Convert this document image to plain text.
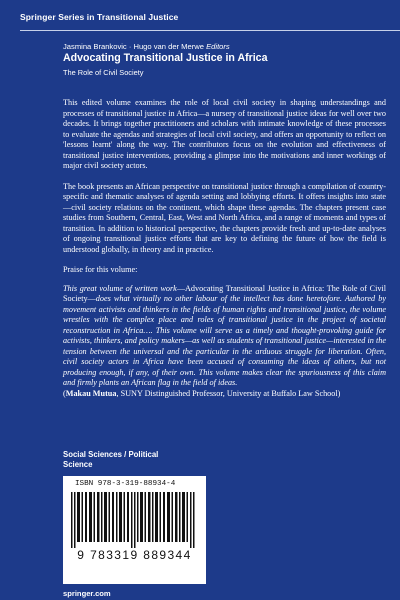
Springer Series in Transitional Justice
Jasmina Brankovic · Hugo van der Merwe Editors
Advocating Transitional Justice in Africa
The Role of Civil Society

This edited volume examines the role of local civil society in shaping understandings and processes of transitional justice in Africa—a nursery of transitional justice ideas for well over two decades. It brings together practitioners and scholars with intimate knowledge of these processes to evaluate the agendas and strategies of local civil society, and offers an opportunity to reflect on 'lessons learnt' along the way. The contributors focus on the evolution and effectiveness of transitional justice interventions, providing a glimpse into the motivations and inner workings of major civil society actors.

The book presents an African perspective on transitional justice through a compilation of country-specific and thematic analyses of agenda setting and lobbying efforts. It offers insights into state—civil society relations on the continent, which shape these agendas. The chapters present case studies from Southern, Central, East, West and North Africa, and a range of moments and types of transition. In addition to historical perspective, the chapters provide fresh and up-to-date analyses of ongoing transitional justice efforts that are key to defining the future of how the field is understood globally, in theory and in practice.

Praise for this volume:

This great volume of written work—Advocating Transitional Justice in Africa: The Role of Civil Society—does what virtually no other labour of the intellect has done heretofore. Authored by movement activists and thinkers in the fields of human rights and transitional justice, the volume wrestles with the complex place and roles of transitional justice in the project of societal reconstruction in Africa…. This volume will serve as a timely and thought-provoking guide for activists, thinkers, and policy makers—as well as students of transitional justice—interested in the tension between the universal and the particular in the arduous struggle for liberation. Often, civil society actors in Africa have been accused of consuming the ideas of others, but not producing enough, if any, of their own. This volume makes clear the spuriousness of this claim and firmly plants an African flag in the field of ideas.

(Makau Mutua, SUNY Distinguished Professor, University at Buffalo Law School)

Social Sciences / Political
Science
ISBN 978-3-319-88934-4
9 783319 889344
springer.com
